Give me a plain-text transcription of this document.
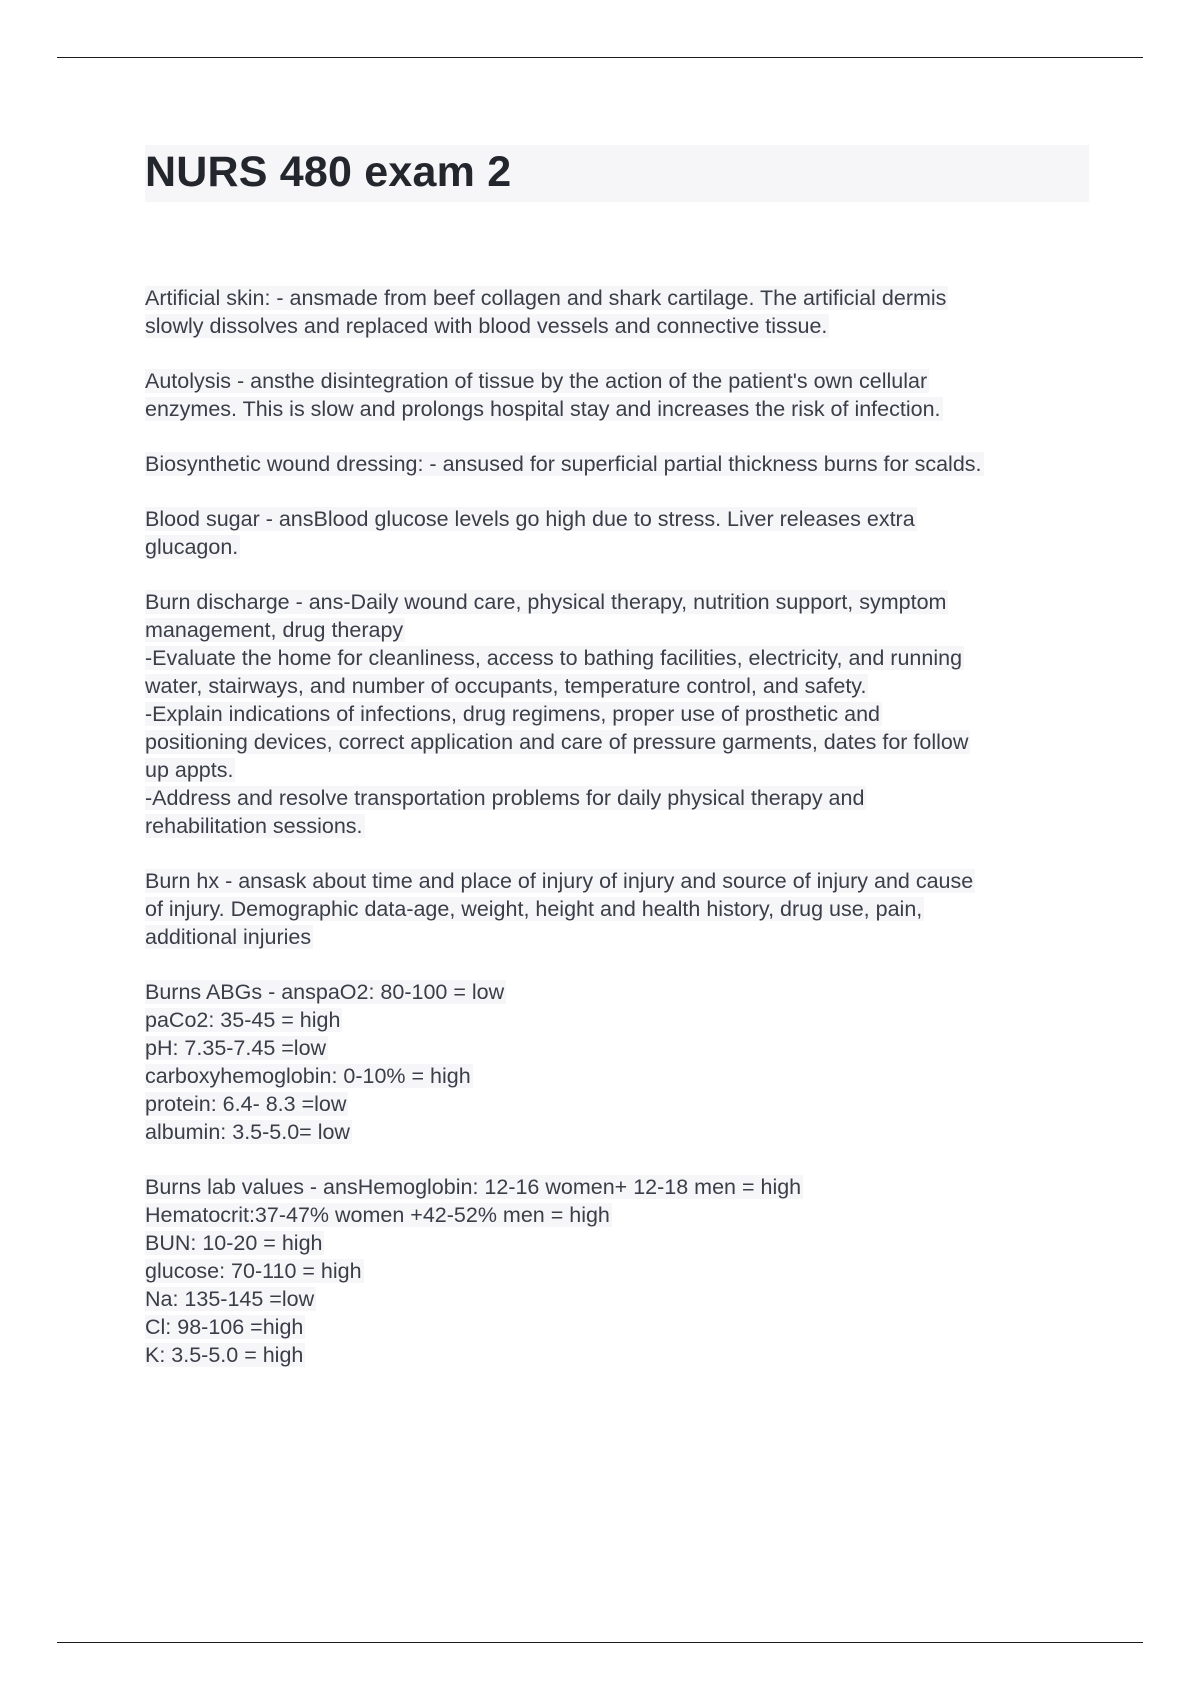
NURS 480 exam 2
Artificial skin: - ansmade from beef collagen and shark cartilage. The artificial dermis
slowly dissolves and replaced with blood vessels and connective tissue.
Autolysis - ansthe disintegration of tissue by the action of the patient's own cellular
enzymes. This is slow and prolongs hospital stay and increases the risk of infection.
Biosynthetic wound dressing: - ansused for superficial partial thickness burns for scalds.
Blood sugar - ansBlood glucose levels go high due to stress. Liver releases extra
glucagon.
Burn discharge - ans-Daily wound care, physical therapy, nutrition support, symptom
management, drug therapy
-Evaluate the home for cleanliness, access to bathing facilities, electricity, and running
water, stairways, and number of occupants, temperature control, and safety.
-Explain indications of infections, drug regimens, proper use of prosthetic and
positioning devices, correct application and care of pressure garments, dates for follow
up appts.
-Address and resolve transportation problems for daily physical therapy and
rehabilitation sessions.
Burn hx - ansask about time and place of injury of injury and source of injury and cause
of injury. Demographic data-age, weight, height and health history, drug use, pain,
additional injuries
Burns ABGs - anspaO2: 80-100 = low
paCo2: 35-45 = high
pH: 7.35-7.45 =low
carboxyhemoglobin: 0-10% = high
protein: 6.4- 8.3 =low
albumin: 3.5-5.0= low
Burns lab values - ansHemoglobin: 12-16 women+ 12-18 men = high
Hematocrit:37-47% women +42-52% men = high
BUN: 10-20 = high
glucose: 70-110 = high
Na: 135-145 =low
Cl: 98-106 =high
K: 3.5-5.0 = high
